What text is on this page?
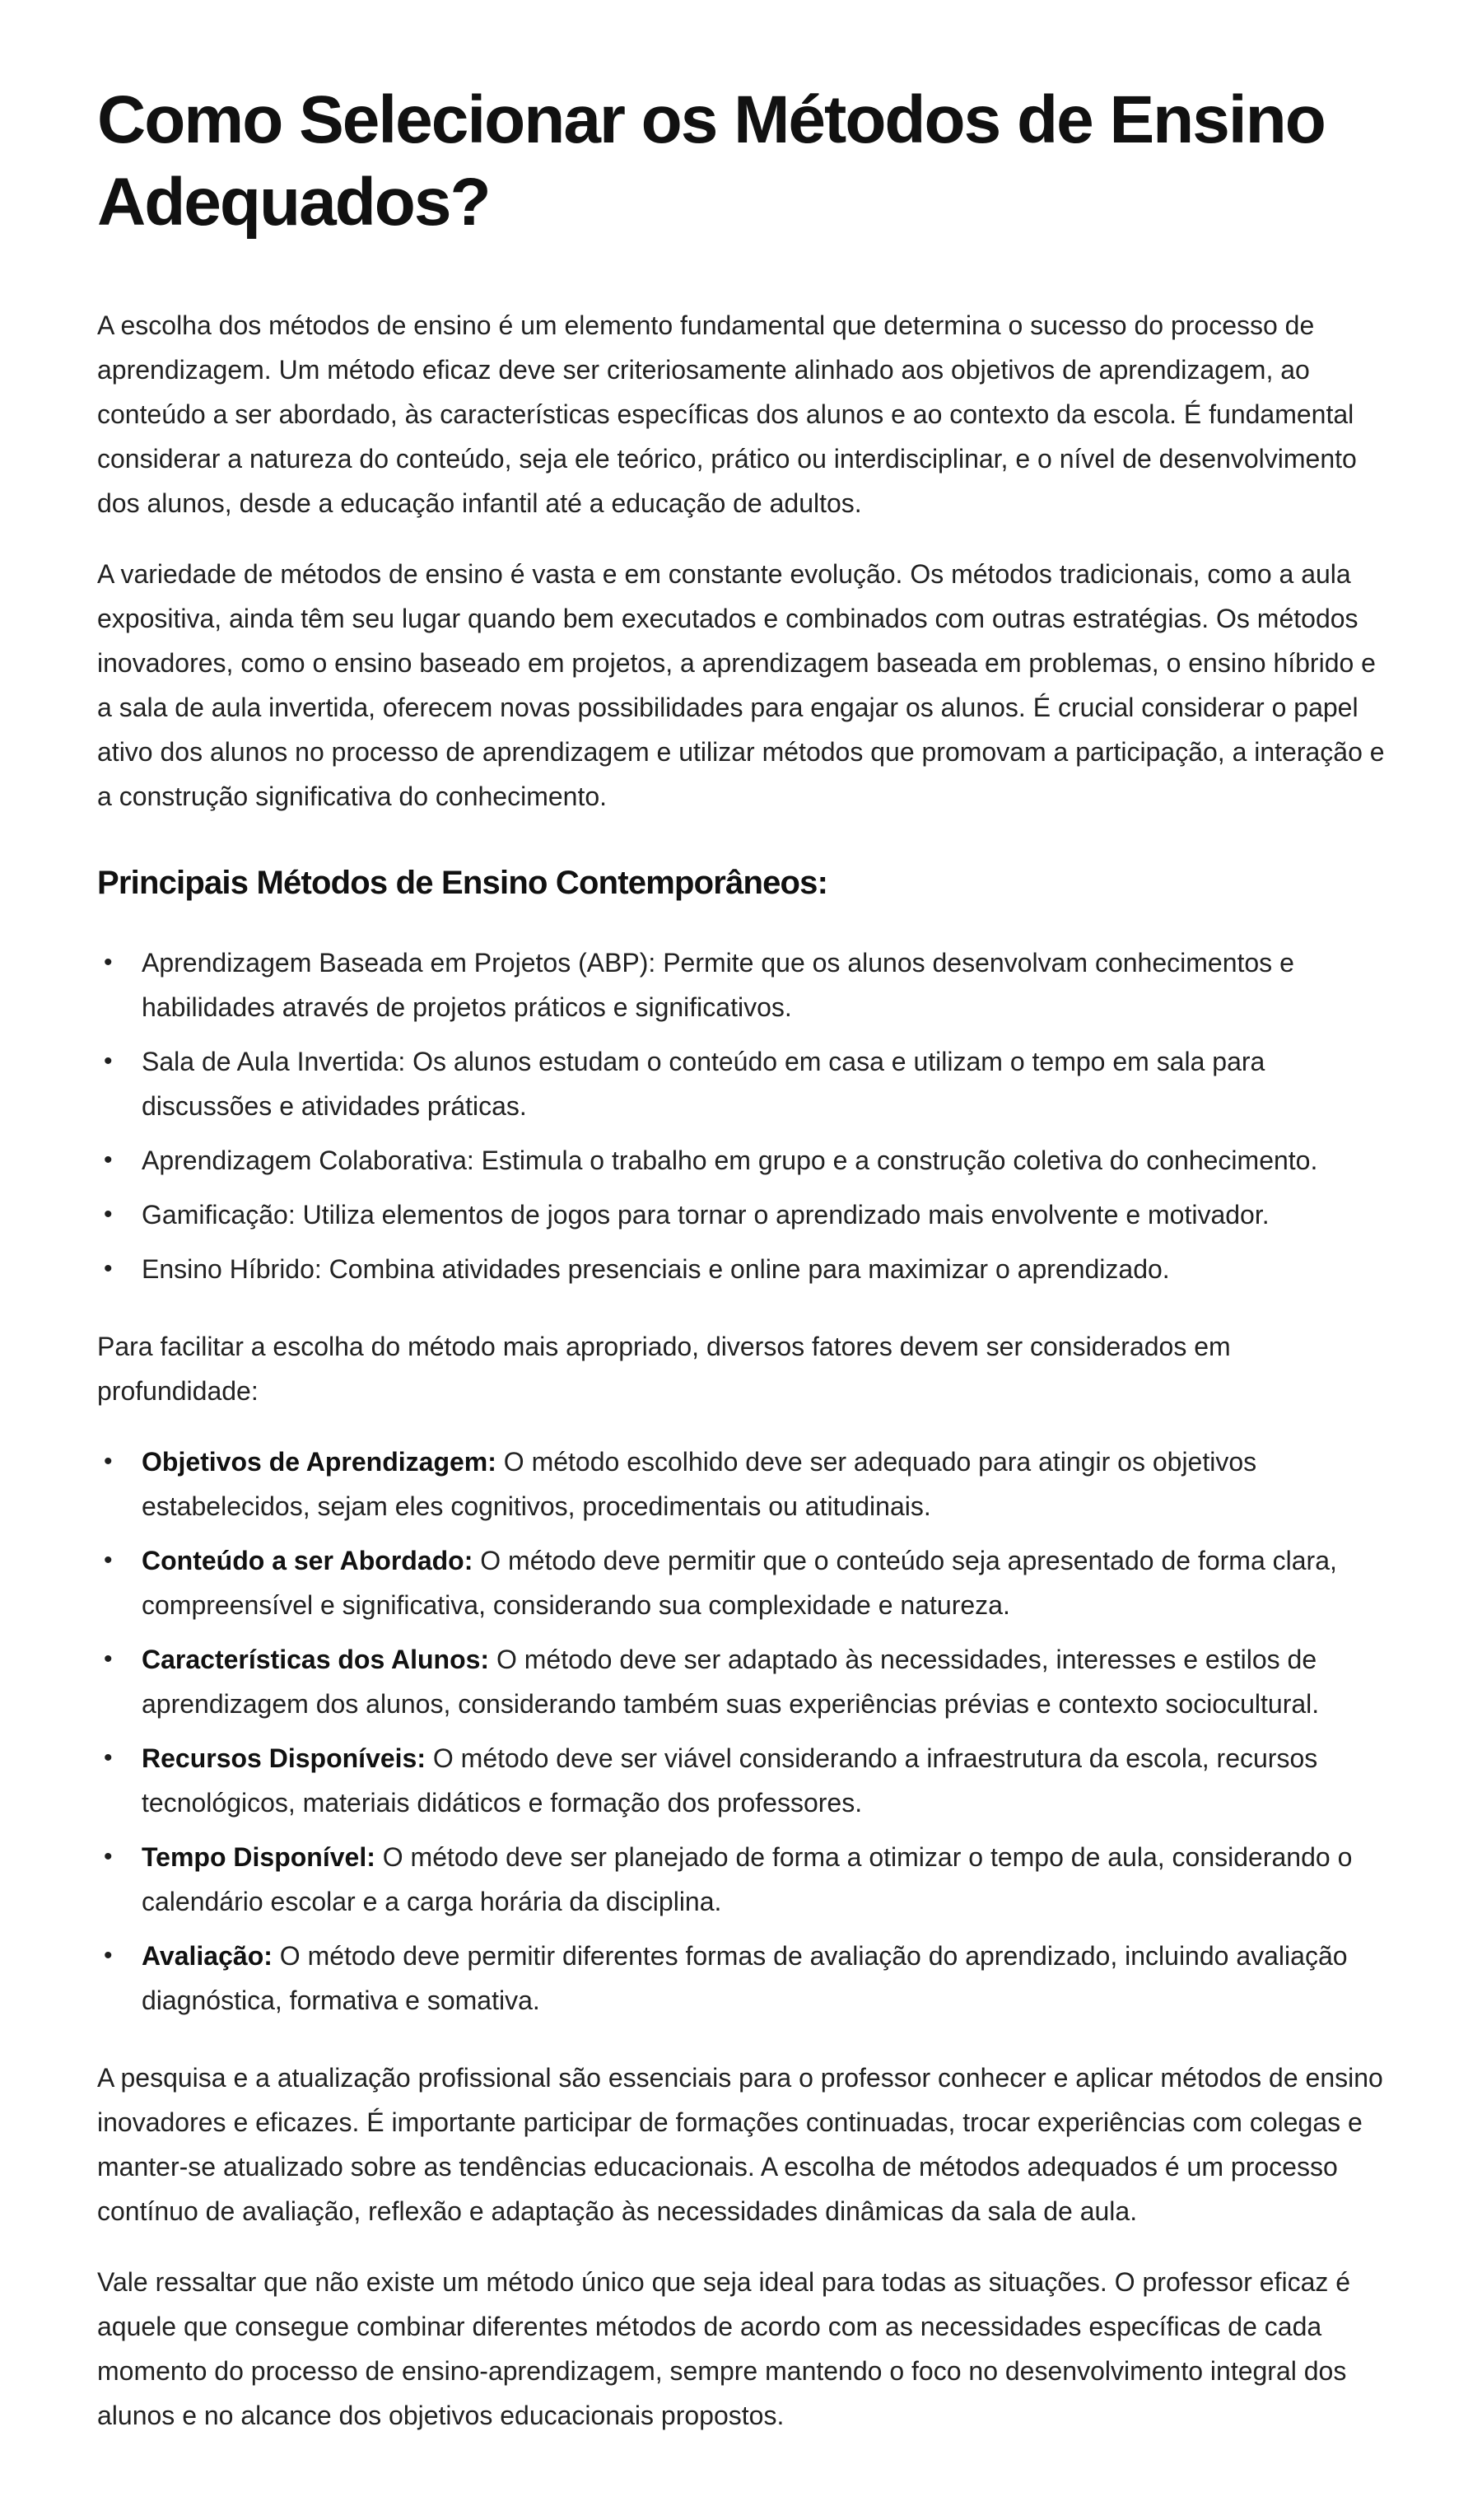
Como Selecionar os Métodos de Ensino Adequados?

A escolha dos métodos de ensino é um elemento fundamental que determina o sucesso do processo de aprendizagem. Um método eficaz deve ser criteriosamente alinhado aos objetivos de aprendizagem, ao conteúdo a ser abordado, às características específicas dos alunos e ao contexto da escola. É fundamental considerar a natureza do conteúdo, seja ele teórico, prático ou interdisciplinar, e o nível de desenvolvimento dos alunos, desde a educação infantil até a educação de adultos.

A variedade de métodos de ensino é vasta e em constante evolução. Os métodos tradicionais, como a aula expositiva, ainda têm seu lugar quando bem executados e combinados com outras estratégias. Os métodos inovadores, como o ensino baseado em projetos, a aprendizagem baseada em problemas, o ensino híbrido e a sala de aula invertida, oferecem novas possibilidades para engajar os alunos. É crucial considerar o papel ativo dos alunos no processo de aprendizagem e utilizar métodos que promovam a participação, a interação e a construção significativa do conhecimento.

Principais Métodos de Ensino Contemporâneos:
• Aprendizagem Baseada em Projetos (ABP): Permite que os alunos desenvolvam conhecimentos e habilidades através de projetos práticos e significativos.
• Sala de Aula Invertida: Os alunos estudam o conteúdo em casa e utilizam o tempo em sala para discussões e atividades práticas.
• Aprendizagem Colaborativa: Estimula o trabalho em grupo e a construção coletiva do conhecimento.
• Gamificação: Utiliza elementos de jogos para tornar o aprendizado mais envolvente e motivador.
• Ensino Híbrido: Combina atividades presenciais e online para maximizar o aprendizado.

Para facilitar a escolha do método mais apropriado, diversos fatores devem ser considerados em profundidade:

• Objetivos de Aprendizagem: O método escolhido deve ser adequado para atingir os objetivos estabelecidos, sejam eles cognitivos, procedimentais ou atitudinais.
• Conteúdo a ser Abordado: O método deve permitir que o conteúdo seja apresentado de forma clara, compreensível e significativa, considerando sua complexidade e natureza.
• Características dos Alunos: O método deve ser adaptado às necessidades, interesses e estilos de aprendizagem dos alunos, considerando também suas experiências prévias e contexto sociocultural.
• Recursos Disponíveis: O método deve ser viável considerando a infraestrutura da escola, recursos tecnológicos, materiais didáticos e formação dos professores.
• Tempo Disponível: O método deve ser planejado de forma a otimizar o tempo de aula, considerando o calendário escolar e a carga horária da disciplina.
• Avaliação: O método deve permitir diferentes formas de avaliação do aprendizado, incluindo avaliação diagnóstica, formativa e somativa.

A pesquisa e a atualização profissional são essenciais para o professor conhecer e aplicar métodos de ensino inovadores e eficazes. É importante participar de formações continuadas, trocar experiências com colegas e manter-se atualizado sobre as tendências educacionais. A escolha de métodos adequados é um processo contínuo de avaliação, reflexão e adaptação às necessidades dinâmicas da sala de aula.

Vale ressaltar que não existe um método único que seja ideal para todas as situações. O professor eficaz é aquele que consegue combinar diferentes métodos de acordo com as necessidades específicas de cada momento do processo de ensino-aprendizagem, sempre mantendo o foco no desenvolvimento integral dos alunos e no alcance dos objetivos educacionais propostos.
